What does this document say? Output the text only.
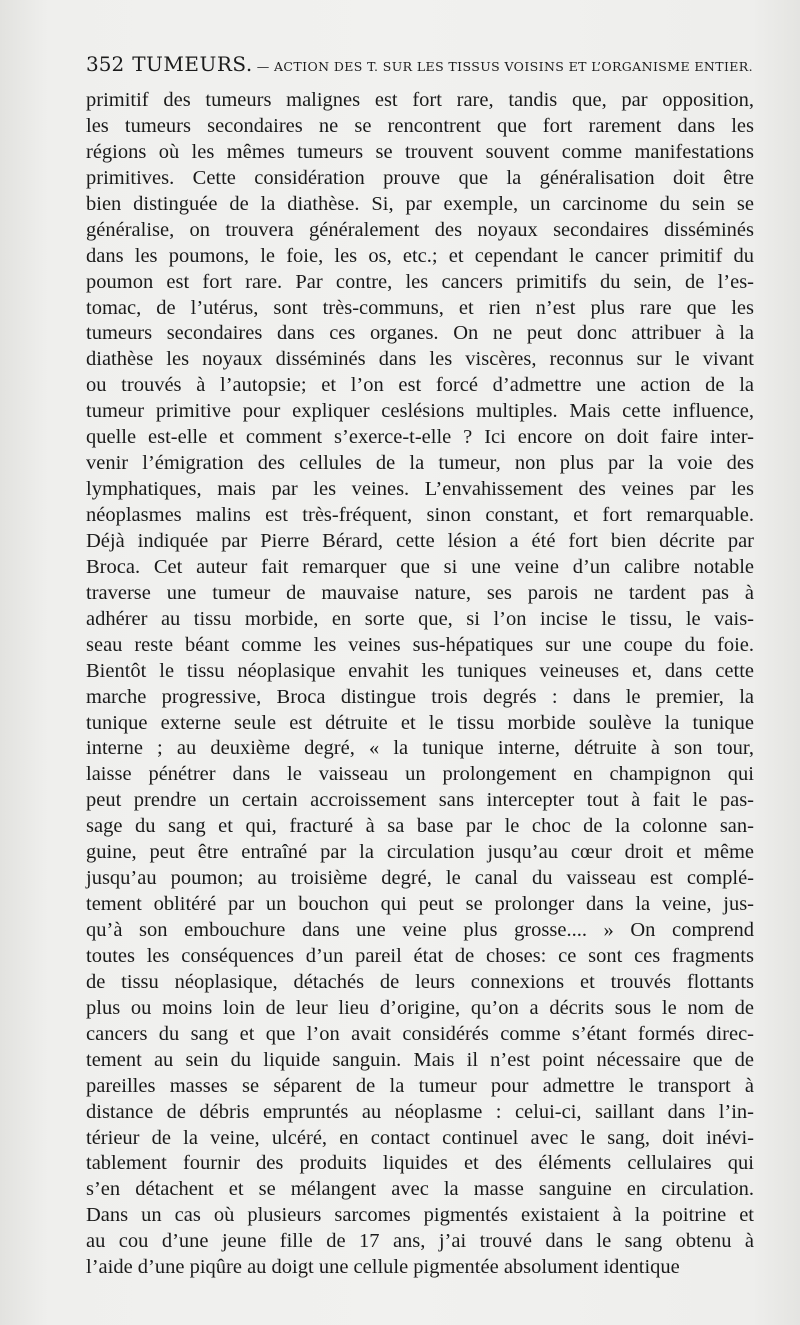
352 TUMEURS. — ACTION DES T. SUR LES TISSUS VOISINS ET L’ORGANISME ENTIER.
primitif des tumeurs malignes est fort rare, tandis que, par opposition,
les tumeurs secondaires ne se rencontrent que fort rarement dans les
régions où les mêmes tumeurs se trouvent souvent comme manifestations
primitives. Cette considération prouve que la généralisation doit être
bien distinguée de la diathèse. Si, par exemple, un carcinome du sein se
généralise, on trouvera généralement des noyaux secondaires disséminés
dans les poumons, le foie, les os, etc.; et cependant le cancer primitif du
poumon est fort rare. Par contre, les cancers primitifs du sein, de l’es-
tomac, de l’utérus, sont très-communs, et rien n’est plus rare que les
tumeurs secondaires dans ces organes. On ne peut donc attribuer à la
diathèse les noyaux disséminés dans les viscères, reconnus sur le vivant
ou trouvés à l’autopsie; et l’on est forcé d’admettre une action de la
tumeur primitive pour expliquer ceslésions multiples. Mais cette influence,
quelle est-elle et comment s’exerce-t-elle ? Ici encore on doit faire inter-
venir l’émigration des cellules de la tumeur, non plus par la voie des
lymphatiques, mais par les veines. L’envahissement des veines par les
néoplasmes malins est très-fréquent, sinon constant, et fort remarquable.
Déjà indiquée par Pierre Bérard, cette lésion a été fort bien décrite par
Broca. Cet auteur fait remarquer que si une veine d’un calibre notable
traverse une tumeur de mauvaise nature, ses parois ne tardent pas à
adhérer au tissu morbide, en sorte que, si l’on incise le tissu, le vais-
seau reste béant comme les veines sus-hépatiques sur une coupe du foie.
Bientôt le tissu néoplasique envahit les tuniques veineuses et, dans cette
marche progressive, Broca distingue trois degrés : dans le premier, la
tunique externe seule est détruite et le tissu morbide soulève la tunique
interne ; au deuxième degré, « la tunique interne, détruite à son tour,
laisse pénétrer dans le vaisseau un prolongement en champignon qui
peut prendre un certain accroissement sans intercepter tout à fait le pas-
sage du sang et qui, fracturé à sa base par le choc de la colonne san-
guine, peut être entraîné par la circulation jusqu’au cœur droit et même
jusqu’au poumon; au troisième degré, le canal du vaisseau est complé-
tement oblitéré par un bouchon qui peut se prolonger dans la veine, jus-
qu’à son embouchure dans une veine plus grosse.... » On comprend
toutes les conséquences d’un pareil état de choses: ce sont ces fragments
de tissu néoplasique, détachés de leurs connexions et trouvés flottants
plus ou moins loin de leur lieu d’origine, qu’on a décrits sous le nom de
cancers du sang et que l’on avait considérés comme s’étant formés direc-
tement au sein du liquide sanguin. Mais il n’est point nécessaire que de
pareilles masses se séparent de la tumeur pour admettre le transport à
distance de débris empruntés au néoplasme : celui-ci, saillant dans l’in-
térieur de la veine, ulcéré, en contact continuel avec le sang, doit inévi-
tablement fournir des produits liquides et des éléments cellulaires qui
s’en détachent et se mélangent avec la masse sanguine en circulation.
Dans un cas où plusieurs sarcomes pigmentés existaient à la poitrine et
au cou d’une jeune fille de 17 ans, j’ai trouvé dans le sang obtenu à
l’aide d’une piqûre au doigt une cellule pigmentée absolument identique
